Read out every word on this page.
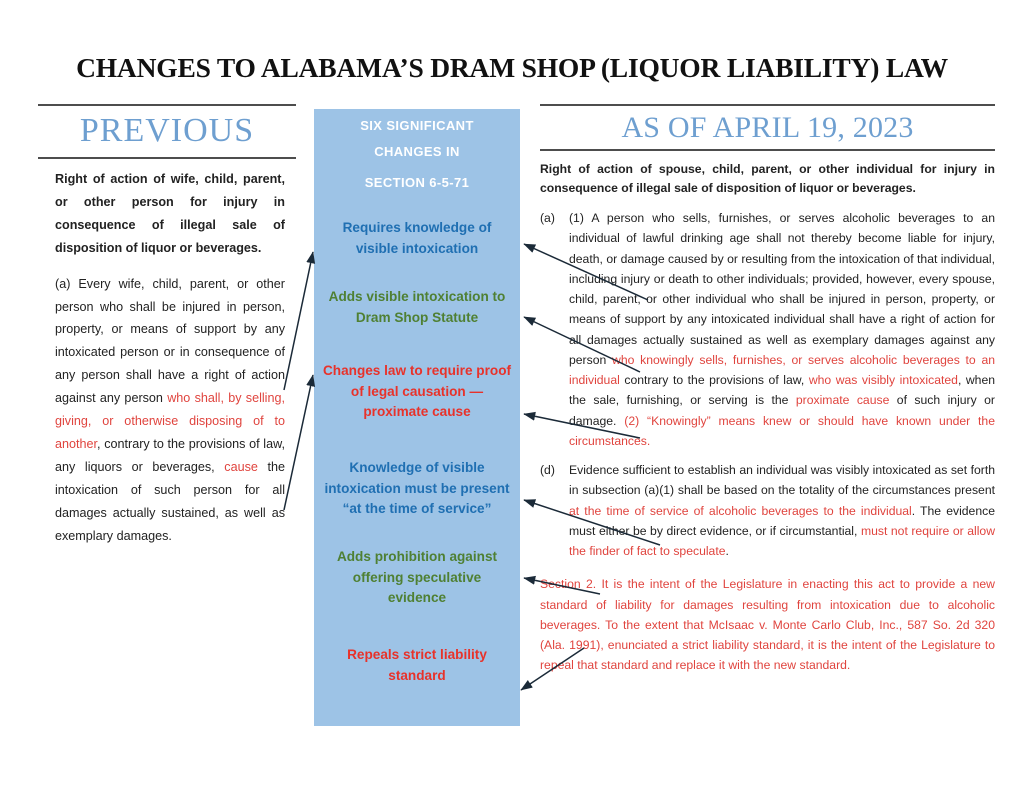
CHANGES TO ALABAMA’S DRAM SHOP (LIQUOR LIABILITY) LAW
PREVIOUS

Right of action of wife, child, parent, or other person for injury in consequence of illegal sale of disposition of liquor or beverages.

(a) Every wife, child, parent, or other person who shall be injured in person, property, or means of support by any intoxicated person or in consequence of any person shall have a right of action against any person who shall, by selling, giving, or otherwise disposing of to another, contrary to the provisions of law, any liquors or beverages, cause the intoxication of such person for all damages actually sustained, as well as exemplary damages.

SIX SIGNIFICANT
CHANGES IN
SECTION 6-5-71
Requires knowledge of visible intoxication
Adds visible intoxication to Dram Shop Statute
Changes law to require proof of legal causation — proximate cause
Knowledge of visible intoxication must be present “at the time of service”
Adds prohibition against offering speculative evidence
Repeals strict liability standard
AS OF APRIL 19, 2023

Right of action of spouse, child, parent, or other individual for injury in consequence of illegal sale of disposition of liquor or beverages.

(a)	(1) A person who sells, furnishes, or serves alcoholic beverages to an individual of lawful drinking age shall not thereby become liable for injury, death, or damage caused by or resulting from the intoxication of that individual, including injury or death to other individuals; provided, however, every spouse, child, parent, or other individual who shall be injured in person, property, or means of support by any intoxicated individual shall have a right of action for all damages actually sustained as well as exemplary damages against any person who knowingly sells, furnishes, or serves alcoholic beverages to an individual contrary to the provisions of law, who was visibly intoxicated, when the sale, furnishing, or serving is the proximate cause of such injury or damage. (2) “Knowingly” means knew or should have known under the circumstances.

(d)	Evidence sufficient to establish an individual was visibly intoxicated as set forth in subsection (a)(1) shall be based on the totality of the circumstances present at the time of service of alcoholic beverages to the individual. The evidence must either be by direct evidence, or if circumstantial, must not require or allow the finder of fact to speculate.

Section 2. It is the intent of the Legislature in enacting this act to provide a new standard of liability for damages resulting from intoxication due to alcoholic beverages. To the extent that McIsaac v. Monte Carlo Club, Inc., 587 So. 2d 320 (Ala. 1991), enunciated a strict liability standard, it is the intent of the Legislature to repeal that standard and replace it with the new standard.
